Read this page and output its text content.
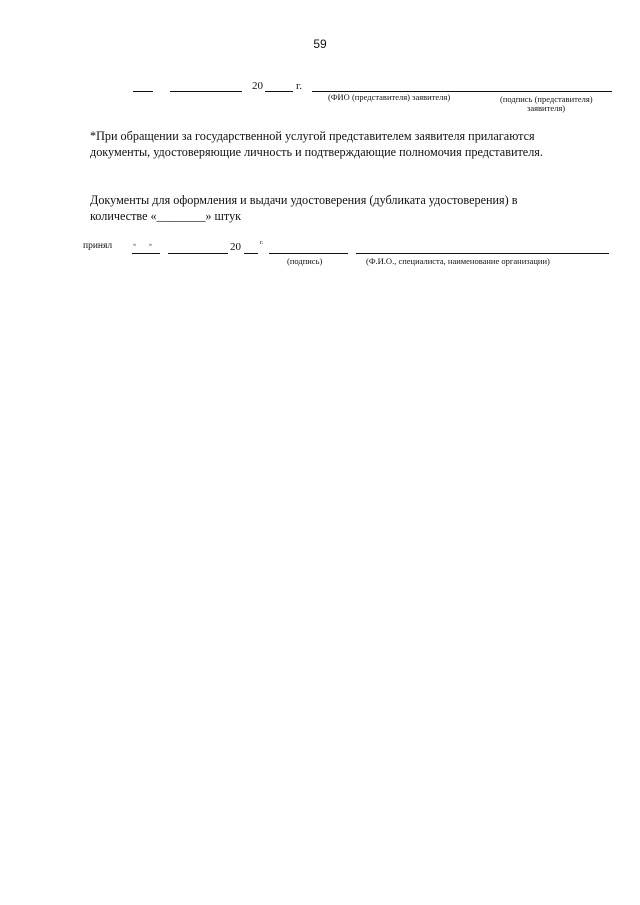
59
20	г.
(ФИО (представителя) заявителя)	(подпись (представителя)
заявителя)
*При обращении за государственной услугой представителем заявителя прилагаются
документы, удостоверяющие личность и подтверждающие полномочия представителя.
Документы для оформления и выдачи удостоверения (дубликата удостоверения) в
количестве «________» штук
принял	« »	20	г.
(подпись)	(Ф.И.О., специалиста, наименование организации)
